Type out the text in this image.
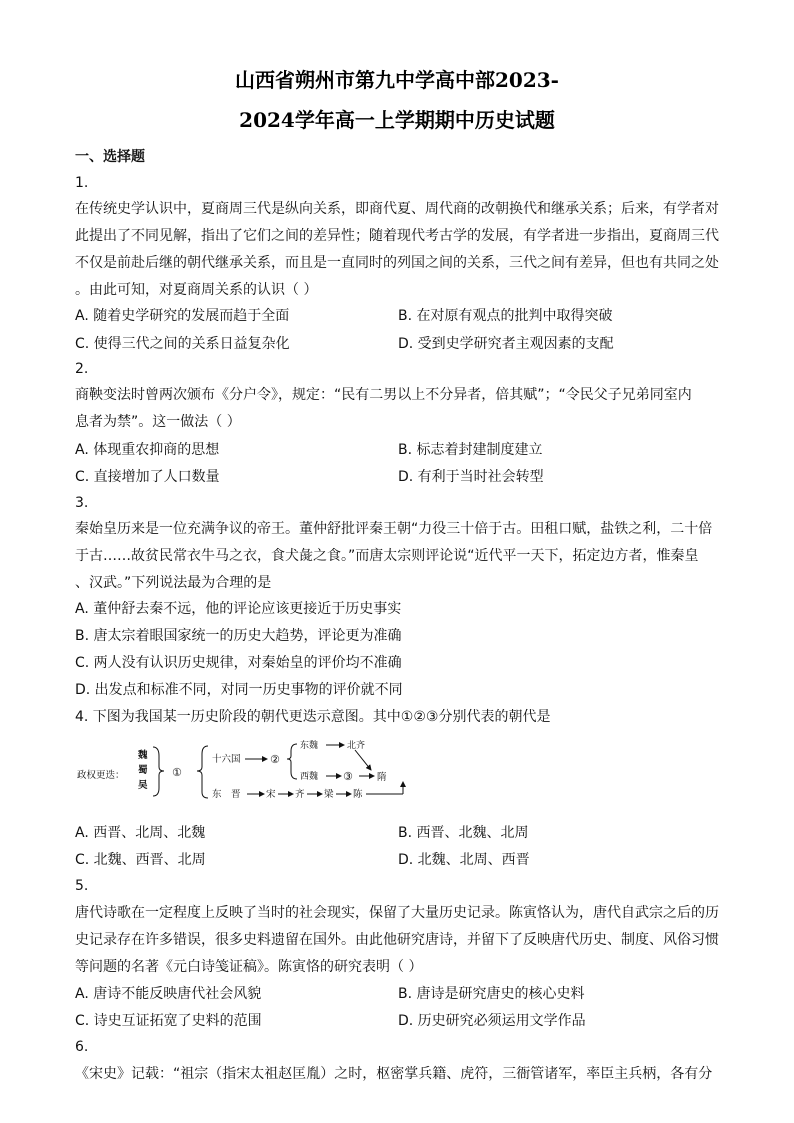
山西省朔州市第九中学高中部2023-
2024学年高一上学期期中历史试题
一、选择题
1.
在传统史学认识中，夏商周三代是纵向关系，即商代夏、周代商的改朝换代和继承关系；后来，有学者对
此提出了不同见解，指出了它们之间的差异性；随着现代考古学的发展，有学者进一步指出，夏商周三代
不仅是前赴后继的朝代继承关系，而且是一直同时的列国之间的关系，三代之间有差异，但也有共同之处
。由此可知，对夏商周关系的认识（ ）
A. 随着史学研究的发展而趋于全面	B. 在对原有观点的批判中取得突破
C. 使得三代之间的关系日益复杂化	D. 受到史学研究者主观因素的支配
2.
商鞅变法时曾两次颁布《分户令》，规定：“民有二男以上不分异者，倍其赋”；“令民父子兄弟同室内
息者为禁”。这一做法（ ）
A. 体现重农抑商的思想	B. 标志着封建制度建立
C. 直接增加了人口数量	D. 有利于当时社会转型
3.
秦始皇历来是一位充满争议的帝王。董仲舒批评秦王朝“力役三十倍于古。田租口赋，盐铁之利，二十倍
于古……故贫民常衣牛马之衣，食犬彘之食。”而唐太宗则评论说“近代平一天下，拓定边方者，惟秦皇
、汉武。”下列说法最为合理的是
A. 董仲舒去秦不远，他的评论应该更接近于历史事实
B. 唐太宗着眼国家统一的历史大趋势，评论更为准确
C. 两人没有认识历史规律，对秦始皇的评价均不准确
D. 出发点和标准不同，对同一历史事物的评价就不同
4. 下图为我国某一历史阶段的朝代更迭示意图。其中①②③分别代表的朝代是
政权更迭：
魏
蜀
吴
①
十六国	②
东魏	北齐
西魏 ③	隋
东　晋	宋 齐 梁 陈
A. 西晋、北周、北魏	B. 西晋、北魏、北周
C. 北魏、西晋、北周	D. 北魏、北周、西晋
5.
唐代诗歌在一定程度上反映了当时的社会现实，保留了大量历史记录。陈寅恪认为，唐代自武宗之后的历
史记录存在许多错误，很多史料遗留在国外。由此他研究唐诗，并留下了反映唐代历史、制度、风俗习惯
等问题的名著《元白诗笺证稿》。陈寅恪的研究表明（ ）
A. 唐诗不能反映唐代社会风貌	B. 唐诗是研究唐史的核心史料
C. 诗史互证拓宽了史料的范围	D. 历史研究必须运用文学作品
6.
《宋史》记载：“祖宗（指宋太祖赵匡胤）之时，枢密掌兵籍、虎符，三衙管诸军，率臣主兵柄，各有分
